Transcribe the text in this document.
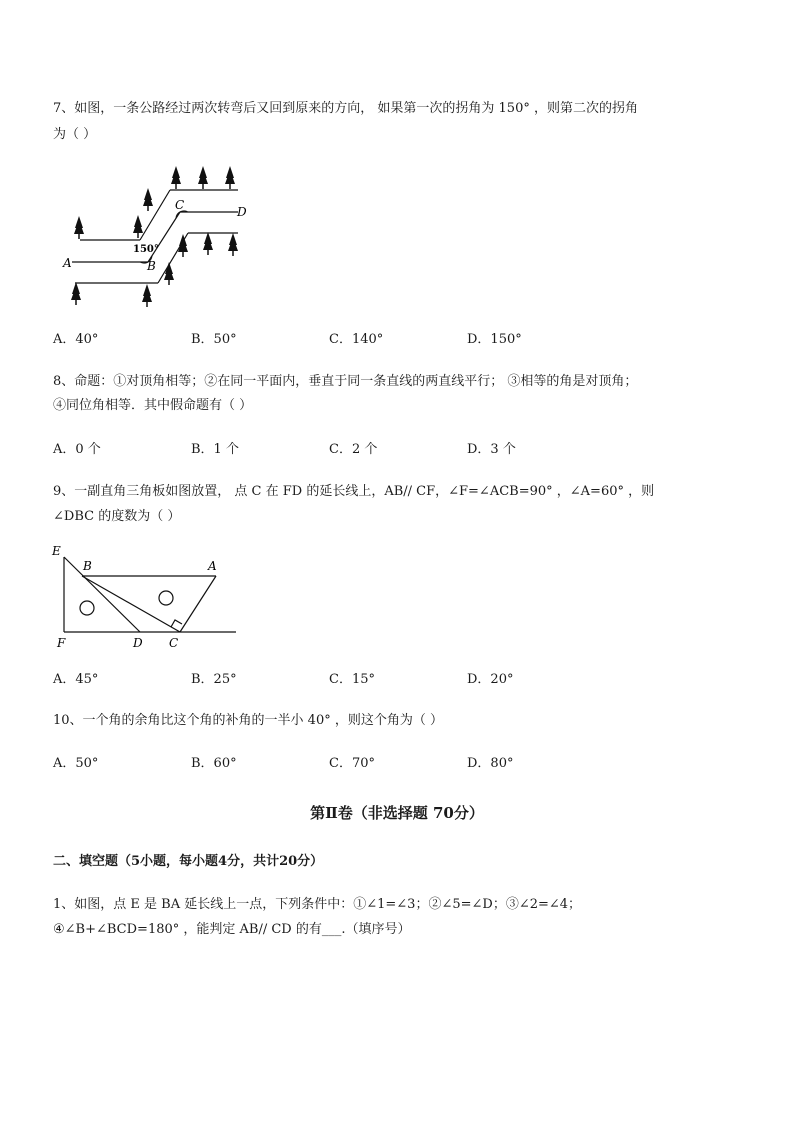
7、如图，一条公路经过两次转弯后又回到原来的方向， 如果第一次的拐角为 150° ，则第二次的拐角
为（ ）
A	B
C	D
150°
A．40°	B．50°	C．140°	D．150°
8、命题：①对顶角相等；②在同一平面内，垂直于同一条直线的两直线平行； ③相等的角是对顶角；
④同位角相等．其中假命题有（ ）
A．0 个	B．1 个	C．2 个	D．3 个
9、一副直角三角板如图放置， 点 C 在 FD 的延长线上，AB// CF，∠F=∠ACB=90° ，∠A=60° ，则
∠DBC 的度数为（ ）
E
B	A
F	D C
A．45°	B．25°	C．15°	D．20°
10、一个角的余角比这个角的补角的一半小 40° ，则这个角为（ ）
A．50°	B．60°	C．70°	D．80°
第Ⅱ卷（非选择题 70分）
二、填空题（5小题，每小题4分，共计20分）
1、如图，点 E 是 BA 延长线上一点，下列条件中：①∠1=∠3；②∠5=∠D；③∠2=∠4；
④∠B+∠BCD=180° ，能判定 AB// CD 的有___.（填序号）
